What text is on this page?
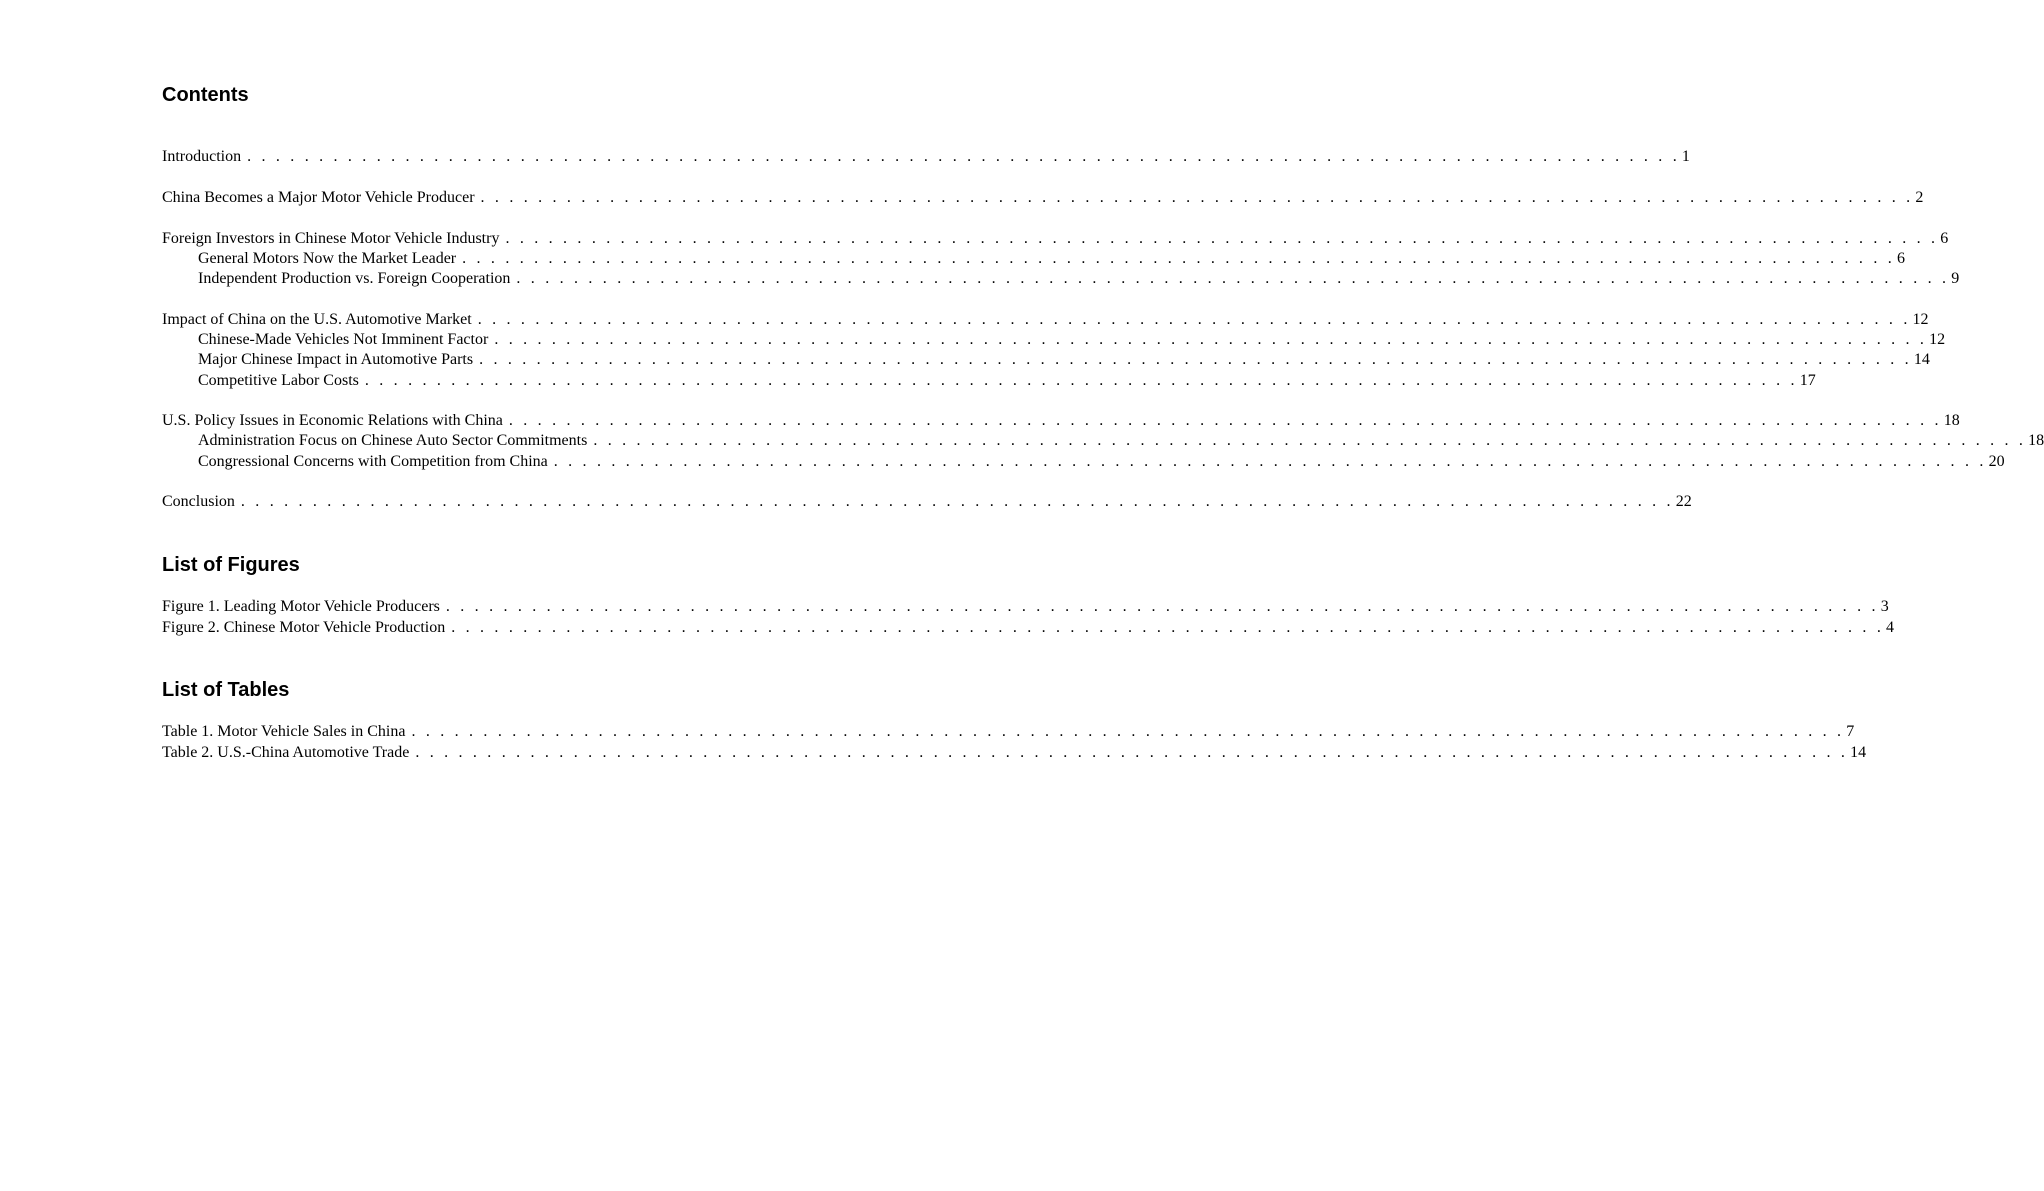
Contents
Introduction . . . . . . . . . . . . . . . . . . . . . . . . . . . . . . . . . . . . . . . . . . . . . . . . . . . . . . . . . . . . . . . . . . . . . . . . . . . . . . . . . . . . . . . . . . . . . . . . . . . . 1
China Becomes a Major Motor Vehicle Producer . . . . . . . . . . . . . . . . . . . . . . . . . . . . . . . . . . . . . . . . . . . . . . . . . . . . . . . . . . . . . . . . . . . . . . . . . . . . . . . . . . . . . . . . . . . . . . . . . . . . 2
Foreign Investors in Chinese Motor Vehicle Industry . . . . . . . . . . . . . . . . . . . . . . . . . . . . . . . . . . . . . . . . . . . . . . . . . . . . . . . . . . . . . . . . . . . . . . . . . . . . . . . . . . . . . . . . . . . . . . . . . . . . 6
General Motors Now the Market Leader . . . . . . . . . . . . . . . . . . . . . . . . . . . . . . . . . . . . . . . . . . . . . . . . . . . . . . . . . . . . . . . . . . . . . . . . . . . . . . . . . . . . . . . . . . . . . . . . . . . . 6
Independent Production vs. Foreign Cooperation . . . . . . . . . . . . . . . . . . . . . . . . . . . . . . . . . . . . . . . . . . . . . . . . . . . . . . . . . . . . . . . . . . . . . . . . . . . . . . . . . . . . . . . . . . . . . . . . . . . . 9
Impact of China on the U.S. Automotive Market . . . . . . . . . . . . . . . . . . . . . . . . . . . . . . . . . . . . . . . . . . . . . . . . . . . . . . . . . . . . . . . . . . . . . . . . . . . . . . . . . . . . . . . . . . . . . . . . . . . . 12
Chinese-Made Vehicles Not Imminent Factor . . . . . . . . . . . . . . . . . . . . . . . . . . . . . . . . . . . . . . . . . . . . . . . . . . . . . . . . . . . . . . . . . . . . . . . . . . . . . . . . . . . . . . . . . . . . . . . . . . . . 12
Major Chinese Impact in Automotive Parts . . . . . . . . . . . . . . . . . . . . . . . . . . . . . . . . . . . . . . . . . . . . . . . . . . . . . . . . . . . . . . . . . . . . . . . . . . . . . . . . . . . . . . . . . . . . . . . . . . . . 14
Competitive Labor Costs . . . . . . . . . . . . . . . . . . . . . . . . . . . . . . . . . . . . . . . . . . . . . . . . . . . . . . . . . . . . . . . . . . . . . . . . . . . . . . . . . . . . . . . . . . . . . . . . . . . . 17
U.S. Policy Issues in Economic Relations with China . . . . . . . . . . . . . . . . . . . . . . . . . . . . . . . . . . . . . . . . . . . . . . . . . . . . . . . . . . . . . . . . . . . . . . . . . . . . . . . . . . . . . . . . . . . . . . . . . . . . 18
Administration Focus on Chinese Auto Sector Commitments . . . . . . . . . . . . . . . . . . . . . . . . . . . . . . . . . . . . . . . . . . . . . . . . . . . . . . . . . . . . . . . . . . . . . . . . . . . . . . . . . . . . . . . . . . . . . . . . . . . . 18
Congressional Concerns with Competition from China . . . . . . . . . . . . . . . . . . . . . . . . . . . . . . . . . . . . . . . . . . . . . . . . . . . . . . . . . . . . . . . . . . . . . . . . . . . . . . . . . . . . . . . . . . . . . . . . . . . . 20
Conclusion . . . . . . . . . . . . . . . . . . . . . . . . . . . . . . . . . . . . . . . . . . . . . . . . . . . . . . . . . . . . . . . . . . . . . . . . . . . . . . . . . . . . . . . . . . . . . . . . . . . . 22
List of Figures
Figure 1. Leading Motor Vehicle Producers . . . . . . . . . . . . . . . . . . . . . . . . . . . . . . . . . . . . . . . . . . . . . . . . . . . . . . . . . . . . . . . . . . . . . . . . . . . . . . . . . . . . . . . . . . . . . . . . . . . . 3
Figure 2. Chinese Motor Vehicle Production . . . . . . . . . . . . . . . . . . . . . . . . . . . . . . . . . . . . . . . . . . . . . . . . . . . . . . . . . . . . . . . . . . . . . . . . . . . . . . . . . . . . . . . . . . . . . . . . . . . . 4
List of Tables
Table 1. Motor Vehicle Sales in China . . . . . . . . . . . . . . . . . . . . . . . . . . . . . . . . . . . . . . . . . . . . . . . . . . . . . . . . . . . . . . . . . . . . . . . . . . . . . . . . . . . . . . . . . . . . . . . . . . . . 7
Table 2. U.S.-China Automotive Trade . . . . . . . . . . . . . . . . . . . . . . . . . . . . . . . . . . . . . . . . . . . . . . . . . . . . . . . . . . . . . . . . . . . . . . . . . . . . . . . . . . . . . . . . . . . . . . . . . . . . 14
